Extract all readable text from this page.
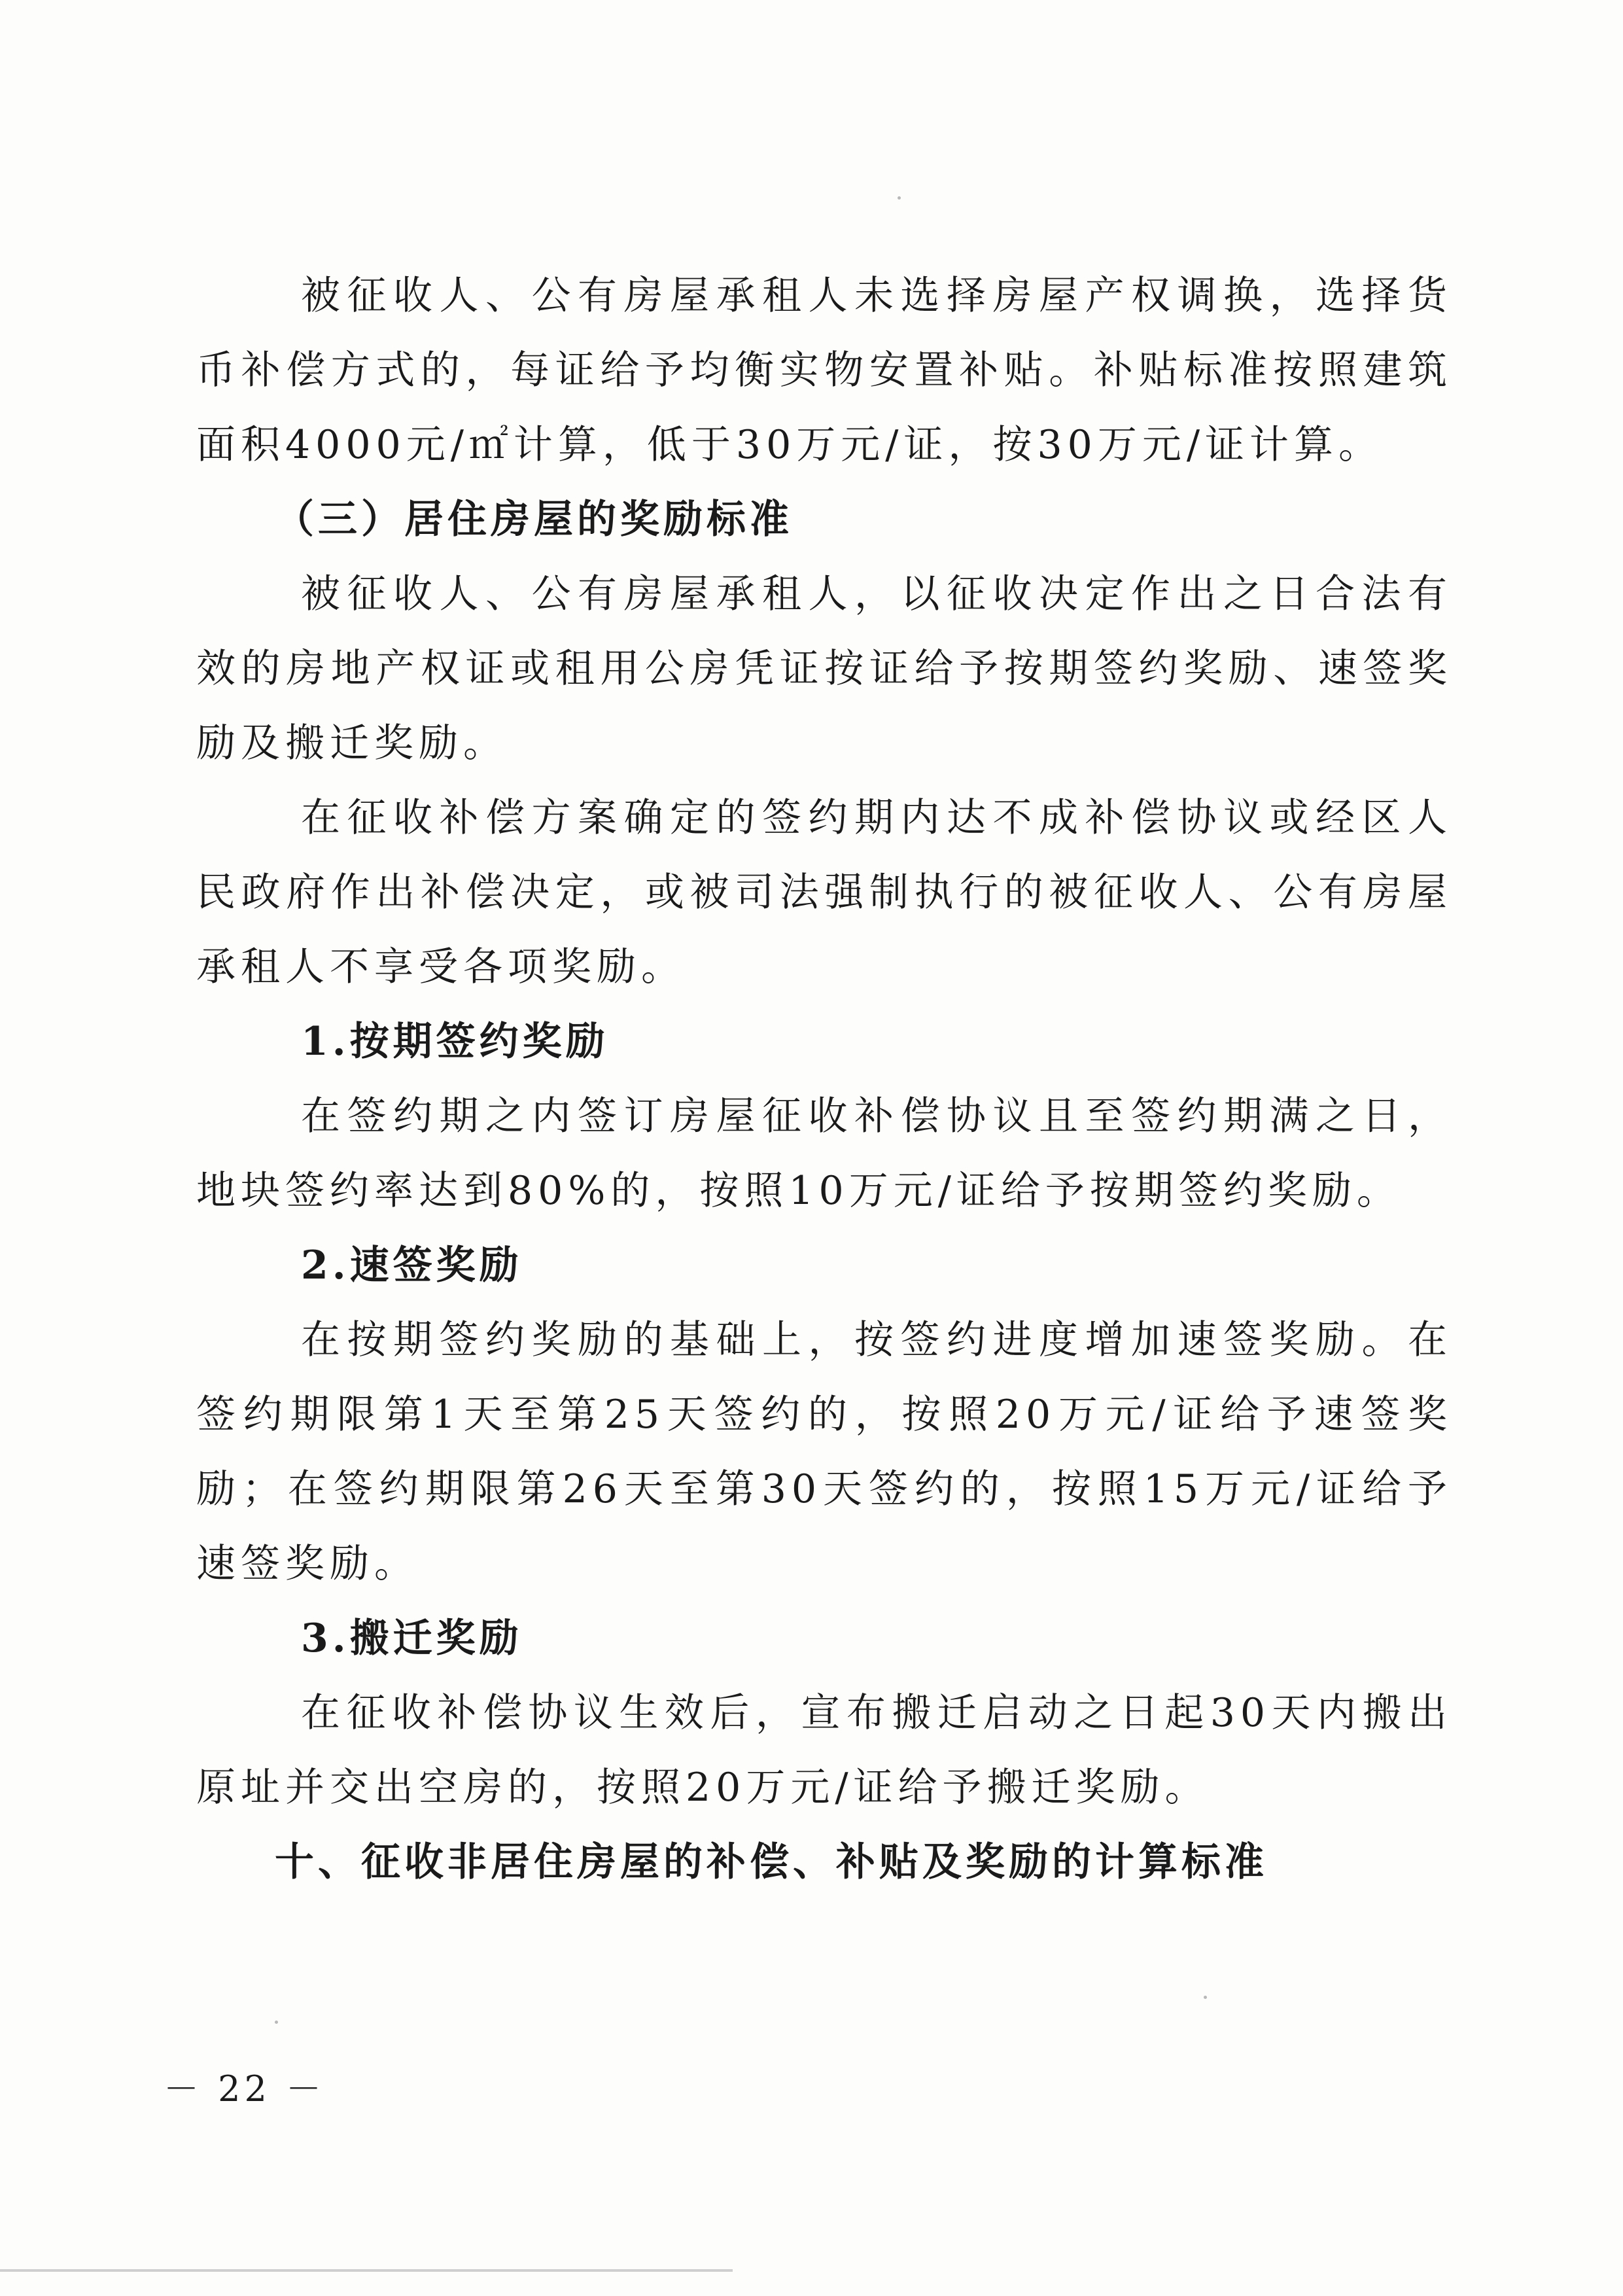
被征收人、公有房屋承租人未选择房屋产权调换，选择货币补偿方式的，每证给予均衡实物安置补贴。补贴标准按照建筑面积4000元/㎡计算，低于30万元/证，按30万元/证计算。

（三）居住房屋的奖励标准

被征收人、公有房屋承租人，以征收决定作出之日合法有效的房地产权证或租用公房凭证按证给予按期签约奖励、速签奖励及搬迁奖励。

在征收补偿方案确定的签约期内达不成补偿协议或经区人民政府作出补偿决定，或被司法强制执行的被征收人、公有房屋承租人不享受各项奖励。

1.按期签约奖励

在签约期之内签订房屋征收补偿协议且至签约期满之日，地块签约率达到80%的，按照10万元/证给予按期签约奖励。

2.速签奖励

在按期签约奖励的基础上，按签约进度增加速签奖励。在签约期限第1天至第25天签约的，按照20万元/证给予速签奖励；在签约期限第26天至第30天签约的，按照15万元/证给予速签奖励。

3.搬迁奖励

在征收补偿协议生效后，宣布搬迁启动之日起30天内搬出原址并交出空房的，按照20万元/证给予搬迁奖励。

十、征收非居住房屋的补偿、补贴及奖励的计算标准

－ 22 －
